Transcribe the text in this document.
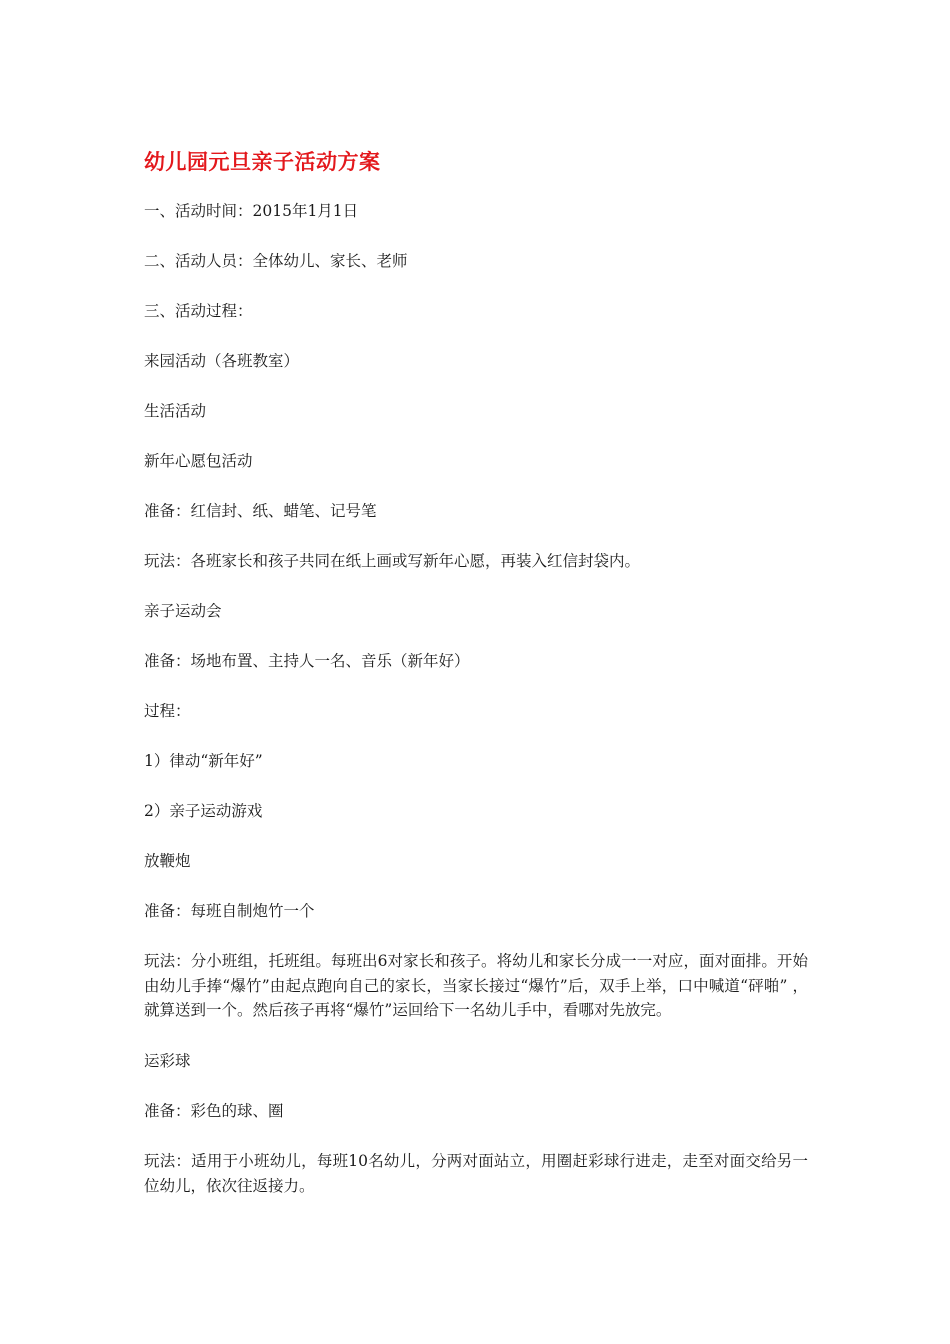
幼儿园元旦亲子活动方案
一、活动时间：2015年1月1日
二、活动人员：全体幼儿、家长、老师
三、活动过程：
来园活动（各班教室）
生活活动
新年心愿包活动
准备：红信封、纸、蜡笔、记号笔
玩法：各班家长和孩子共同在纸上画或写新年心愿，再装入红信封袋内。
亲子运动会
准备：场地布置、主持人一名、音乐（新年好）
过程：
1）律动“新年好”
2）亲子运动游戏
放鞭炮
准备：每班自制炮竹一个
玩法：分小班组，托班组。每班出6对家长和孩子。将幼儿和家长分成一一对应，面对面排。开始由幼儿手捧“爆竹”由起点跑向自己的家长，当家长接过“爆竹”后，双手上举，口中喊道“砰啪” ，就算送到一个。然后孩子再将“爆竹”运回给下一名幼儿手中，看哪对先放完。
运彩球
准备：彩色的球、圈
玩法：适用于小班幼儿，每班10名幼儿，分两对面站立，用圈赶彩球行进走，走至对面交给另一位幼儿，依次往返接力。
